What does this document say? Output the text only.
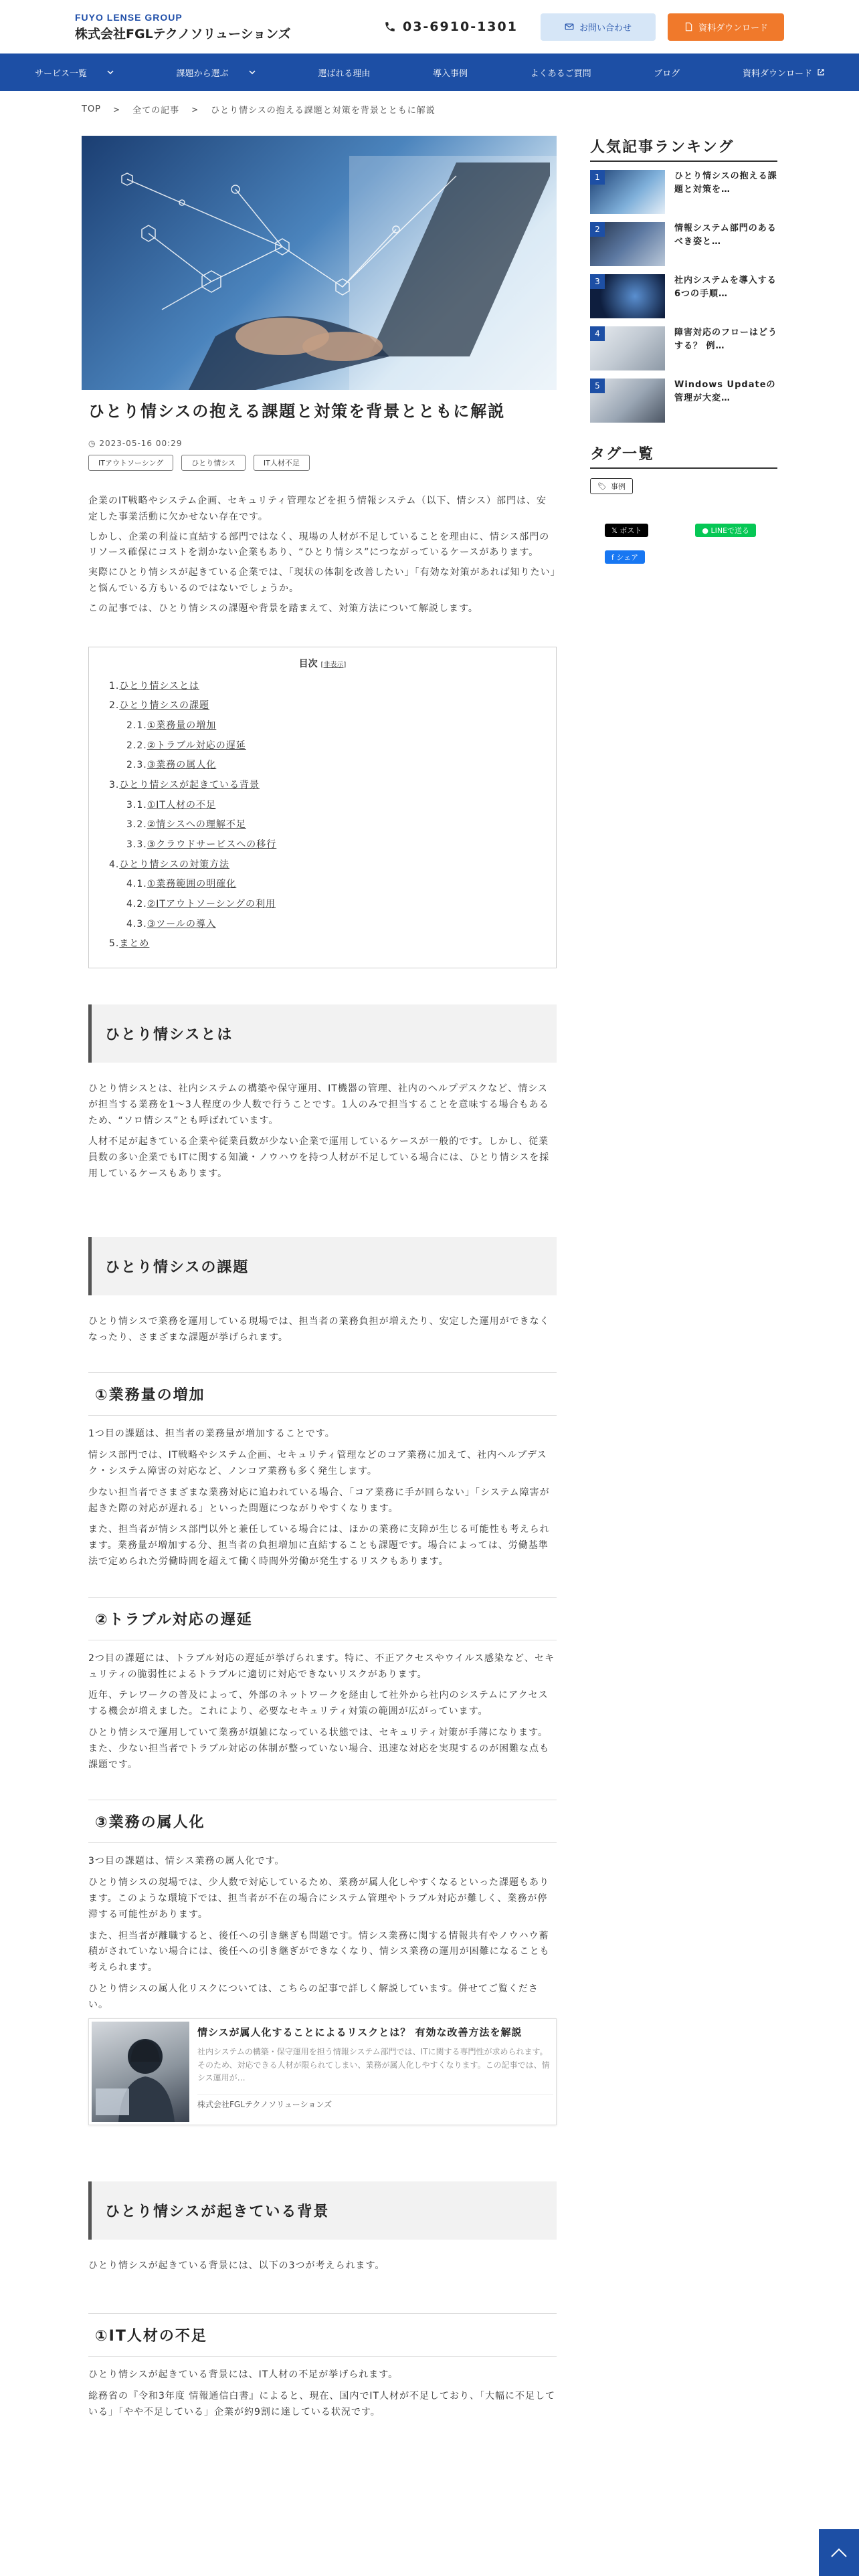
FUYO LENSE GROUP
株式会社FGLテクノソリューションズ	03-6910-1301	お問い合わせ	資料ダウンロード
サービス一覧	課題から選ぶ	選ばれる理由	導入事例	よくあるご質問	ブログ	資料ダウンロード
TOP > 全ての記事 > ひとり情シスの抱える課題と対策を背景とともに解説
ひとり情シスの抱える課題と対策を背景とともに解説
◷ 2023-05-16 00:29
ITアウトソーシング	ひとり情シス	IT人材不足

企業のIT戦略やシステム企画、セキュリティ管理などを担う情報システム（以下、情シス）部門は、安定した事業活動に欠かせない存在です。

しかし、企業の利益に直結する部門ではなく、現場の人材が不足していることを理由に、情シス部門のリソース確保にコストを割かない企業もあり、“ひとり情シス”につながっているケースがあります。

実際にひとり情シスが起きている企業では、「現状の体制を改善したい」「有効な対策があれば知りたい」と悩んでいる方もいるのではないでしょうか。

この記事では、ひとり情シスの課題や背景を踏まえて、対策方法について解説します。

目次 [非表示]
1.ひとり情シスとは
2.ひとり情シスの課題
2.1.①業務量の増加
2.2.②トラブル対応の遅延
2.3.③業務の属人化
3.ひとり情シスが起きている背景
3.1.①IT人材の不足
3.2.②情シスへの理解不足
3.3.③クラウドサービスへの移行
4.ひとり情シスの対策方法
4.1.①業務範囲の明確化
4.2.②ITアウトソーシングの利用
4.3.③ツールの導入
5.まとめ
ひとり情シスとは

ひとり情シスとは、社内システムの構築や保守運用、IT機器の管理、社内のヘルプデスクなど、情シスが担当する業務を1〜3人程度の少人数で行うことです。1人のみで担当することを意味する場合もあるため、“ソロ情シス”とも呼ばれています。

人材不足が起きている企業や従業員数が少ない企業で運用しているケースが一般的です。しかし、従業員数の多い企業でもITに関する知識・ノウハウを持つ人材が不足している場合には、ひとり情シスを採用しているケースもあります。

ひとり情シスの課題

ひとり情シスで業務を運用している現場では、担当者の業務負担が増えたり、安定した運用ができなくなったり、さまざまな課題が挙げられます。

①業務量の増加

1つ目の課題は、担当者の業務量が増加することです。

情シス部門では、IT戦略やシステム企画、セキュリティ管理などのコア業務に加えて、社内ヘルプデスク・システム障害の対応など、ノンコア業務も多く発生します。

少ない担当者でさまざまな業務対応に追われている場合、「コア業務に手が回らない」「システム障害が起きた際の対応が遅れる」といった問題につながりやすくなります。

また、担当者が情シス部門以外と兼任している場合には、ほかの業務に支障が生じる可能性も考えられます。業務量が増加する分、担当者の負担増加に直結することも課題です。場合によっては、労働基準法で定められた労働時間を超えて働く時間外労働が発生するリスクもあります。

②トラブル対応の遅延

2つ目の課題には、トラブル対応の遅延が挙げられます。特に、不正アクセスやウイルス感染など、セキュリティの脆弱性によるトラブルに適切に対応できないリスクがあります。

近年、テレワークの普及によって、外部のネットワークを経由して社外から社内のシステムにアクセスする機会が増えました。これにより、必要なセキュリティ対策の範囲が広がっています。

ひとり情シスで運用していて業務が煩雑になっている状態では、セキュリティ対策が手薄になります。また、少ない担当者でトラブル対応の体制が整っていない場合、迅速な対応を実現するのが困難な点も課題です。

③業務の属人化

3つ目の課題は、情シス業務の属人化です。

ひとり情シスの現場では、少人数で対応しているため、業務が属人化しやすくなるといった課題もあります。このような環境下では、担当者が不在の場合にシステム管理やトラブル対応が難しく、業務が停滞する可能性があります。

また、担当者が離職すると、後任への引き継ぎも問題です。情シス業務に関する情報共有やノウハウ蓄積がされていない場合には、後任への引き継ぎができなくなり、情シス業務の運用が困難になることも考えられます。

ひとり情シスの属人化リスクについては、こちらの記事で詳しく解説しています。併せてご覧ください。

情シスが属人化することによるリスクとは？ 有効な改善方法を解説
社内システムの構築・保守運用を担う情報システム部門では、ITに関する専門性が求められます。そのため、対応できる人材が限られてしまい、業務が属人化しやすくなります。この記事では、情シス運用が…
株式会社FGLテクノソリューションズ
ひとり情シスが起きている背景

ひとり情シスが起きている背景には、以下の3つが考えられます。

①IT人材の不足

ひとり情シスが起きている背景には、IT人材の不足が挙げられます。

総務省の『令和3年度 情報通信白書』によると、現在、国内でIT人材が不足しており、「大幅に不足している」「やや不足している」企業が約9割に達している状況です。

人気記事ランキング
1	ひとり情シスの抱える課題と対策を…
2	情報システム部門のあるべき姿と…
3	社内システムを導入する6つの手順…
4	障害対応のフローはどうする？ 例…
5	Windows Updateの管理が大変…
タグ一覧
🏷 事例
𝕏 ポスト	● LINEで送る
f シェア
